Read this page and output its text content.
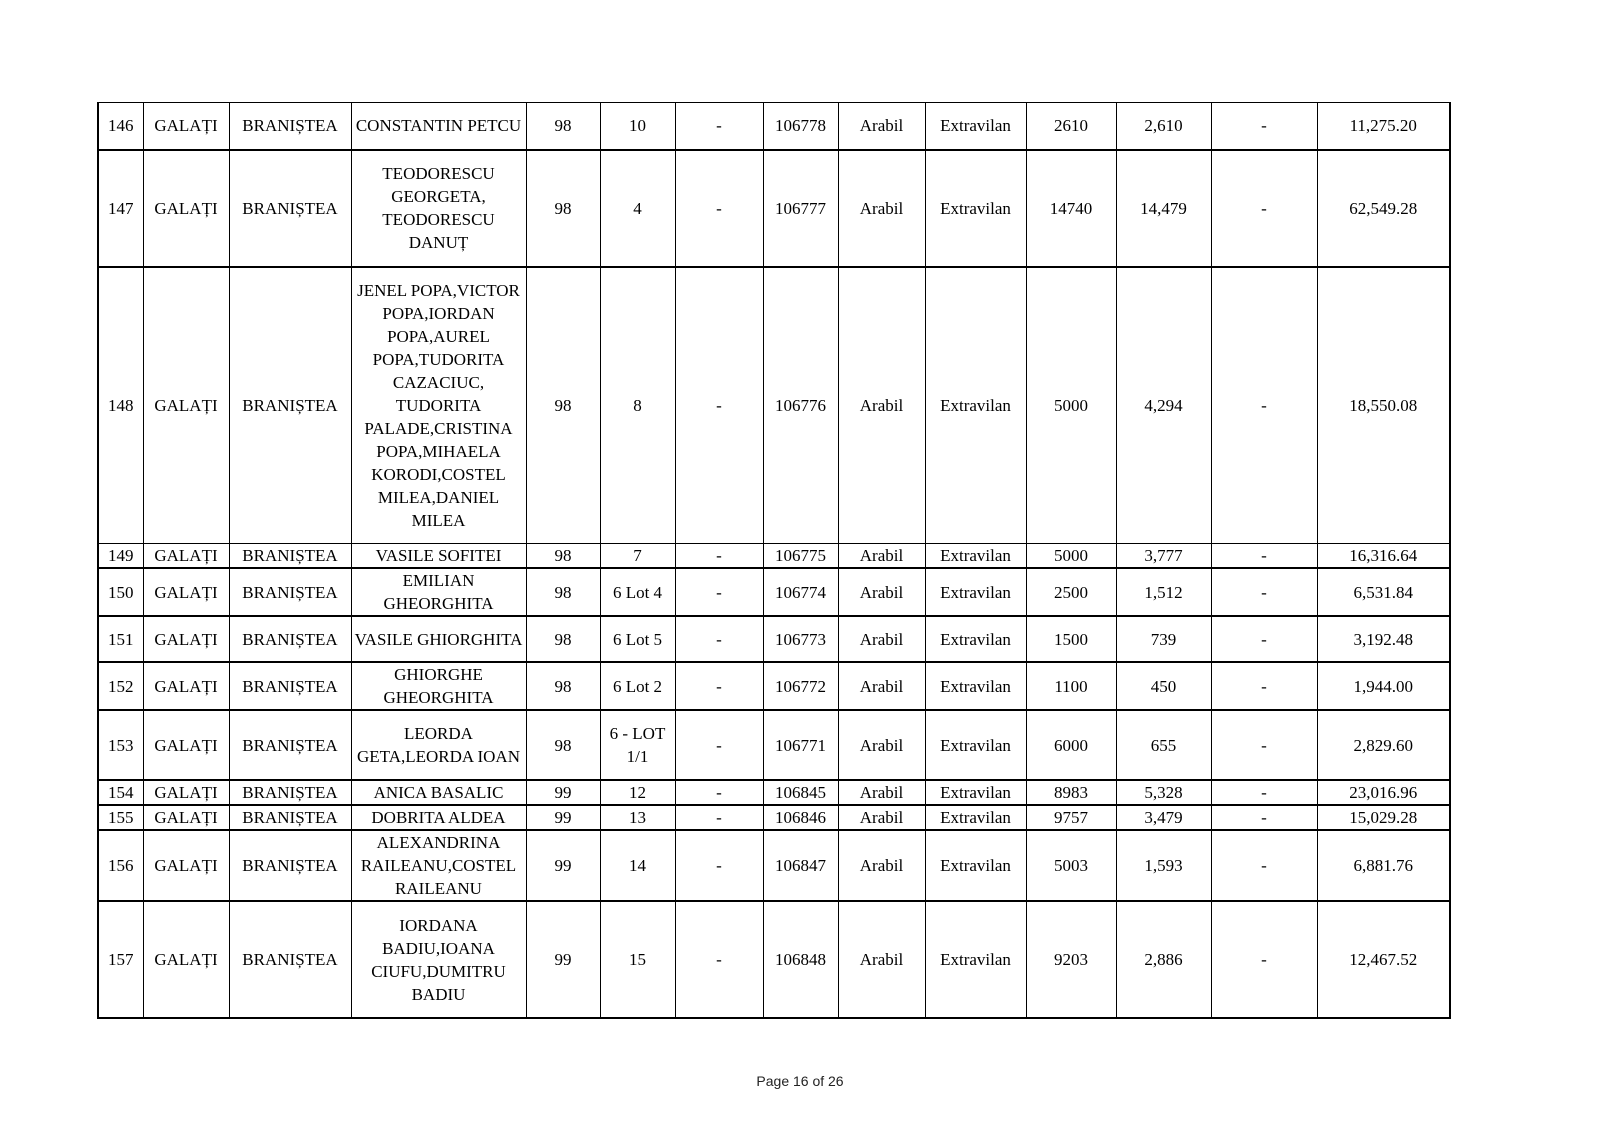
146	GALAȚI	BRANIȘTEA	CONSTANTIN PETCU	98	10	-	106778	Arabil	Extravilan	2610	2,610	-	11,275.20
147	GALAȚI	BRANIȘTEA	TEODORESCU GEORGETA, TEODORESCU DANUȚ	98	4	-	106777	Arabil	Extravilan	14740	14,479	-	62,549.28
148	GALAȚI	BRANIȘTEA	JENEL POPA,VICTOR POPA,IORDAN POPA,AUREL POPA,TUDORITA CAZACIUC, TUDORITA PALADE,CRISTINA POPA,MIHAELA KORODI,COSTEL MILEA,DANIEL MILEA	98	8	-	106776	Arabil	Extravilan	5000	4,294	-	18,550.08
149	GALAȚI	BRANIȘTEA	VASILE SOFITEI	98	7	-	106775	Arabil	Extravilan	5000	3,777	-	16,316.64
150	GALAȚI	BRANIȘTEA	EMILIAN GHEORGHITA	98	6 Lot 4	-	106774	Arabil	Extravilan	2500	1,512	-	6,531.84
151	GALAȚI	BRANIȘTEA	VASILE GHIORGHITA	98	6 Lot 5	-	106773	Arabil	Extravilan	1500	739	-	3,192.48
152	GALAȚI	BRANIȘTEA	GHIORGHE GHEORGHITA	98	6 Lot 2	-	106772	Arabil	Extravilan	1100	450	-	1,944.00
153	GALAȚI	BRANIȘTEA	LEORDA GETA,LEORDA IOAN	98	6 - LOT 1/1	-	106771	Arabil	Extravilan	6000	655	-	2,829.60
154	GALAȚI	BRANIȘTEA	ANICA BASALIC	99	12	-	106845	Arabil	Extravilan	8983	5,328	-	23,016.96
155	GALAȚI	BRANIȘTEA	DOBRITA ALDEA	99	13	-	106846	Arabil	Extravilan	9757	3,479	-	15,029.28
156	GALAȚI	BRANIȘTEA	ALEXANDRINA RAILEANU,COSTEL RAILEANU	99	14	-	106847	Arabil	Extravilan	5003	1,593	-	6,881.76
157	GALAȚI	BRANIȘTEA	IORDANA BADIU,IOANA CIUFU,DUMITRU BADIU	99	15	-	106848	Arabil	Extravilan	9203	2,886	-	12,467.52
Page 16 of 26
